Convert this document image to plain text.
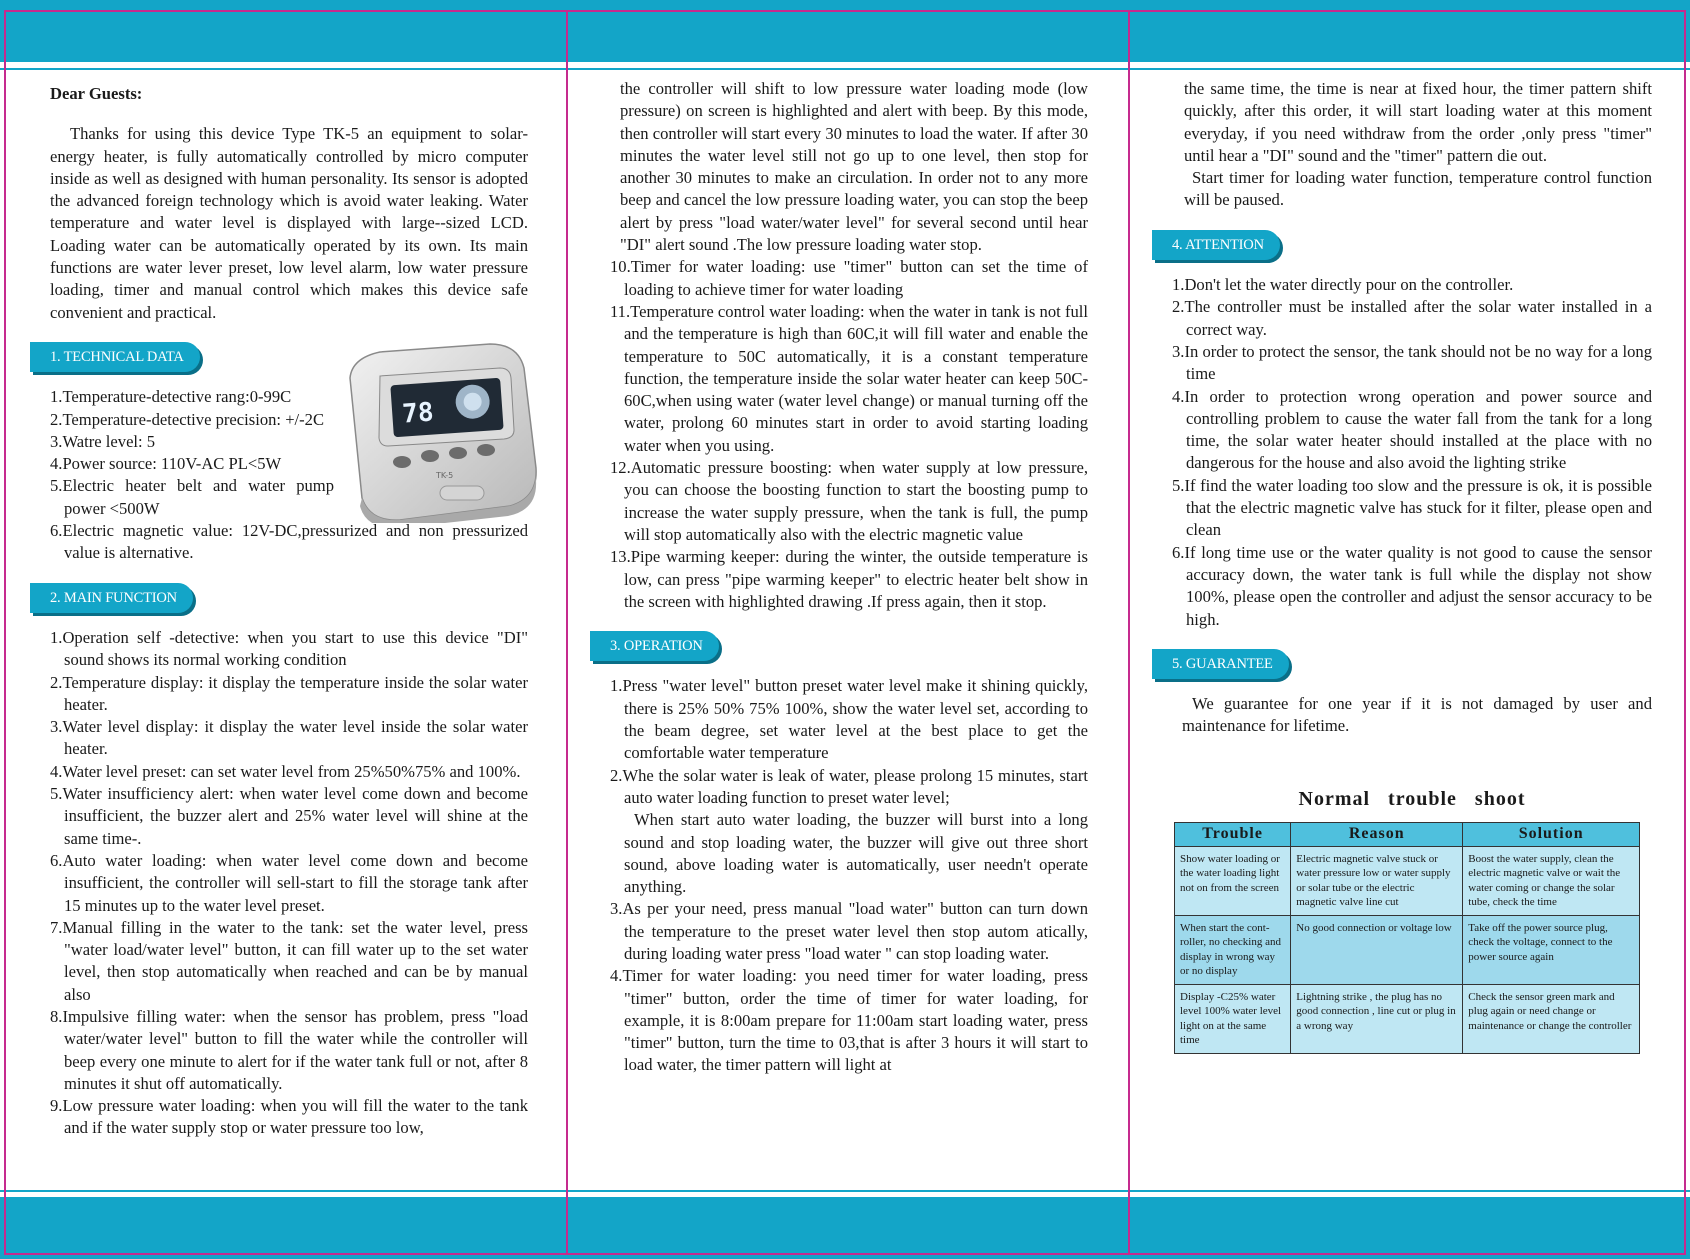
Dear Guests:

Thanks for using this device Type TK-5 an equipment to solar-energy heater, is fully automatically controlled by micro computer inside as well as designed with human personality. Its sensor is adopted the advanced foreign technology which is avoid water leaking. Water temperature and water level is displayed with large--sized LCD. Loading water can be automatically operated by its own. Its main functions are water lever preset, low level alarm, low water pressure loading, timer and manual control which makes this device safe convenient and practical.

1. TECHNICAL DATA
78
TK-5
1.Temperature-detective rang:0-99C
2.Temperature-detective precision: +/-2C
3.Watre level: 5
4.Power source: 110V-AC PL<5W
5.Electric heater belt and water pump power <500W
6.Electric magnetic value: 12V-DC,pressurized and non pressurized value is alternative.
2. MAIN FUNCTION
1.Operation self -detective: when you start to use this device "DI" sound shows its normal working condition
2.Temperature display: it display the temperature inside the solar water heater.
3.Water level display: it display the water level inside the solar water heater.
4.Water level preset: can set water level from 25%50%75% and 100%.
5.Water insufficiency alert: when water level come down and become insufficient, the buzzer alert and 25% water level will shine at the same time-.
6.Auto water loading: when water level come down and become insufficient, the controller will sell-start to fill the storage tank after 15 minutes up to the water level preset.
7.Manual filling in the water to the tank: set the water level, press "water load/water level" button, it can fill water up to the set water level, then stop automatically when reached and can be by manual also
8.Impulsive filling water: when the sensor has problem, press "load water/water level" button to fill the water while the controller will beep every one minute to alert for if the water tank full or not, after 8 minutes it shut off automatically.
9.Low pressure water loading: when you will fill the water to the tank and if the water supply stop or water pressure too low,

the controller will shift to low pressure water loading mode (low pressure) on screen is highlighted and alert with beep. By this mode, then controller will start every 30 minutes to load the water. If after 30 minutes the water level still not go up to one level, then stop for another 30 minutes to make an circulation. In order not to any more beep and cancel the low pressure loading water, you can stop the beep alert by press "load water/water level" for several second until hear "DI" alert sound .The low pressure loading water stop.

10.Timer for water loading: use "timer" button can set the time of loading to achieve timer for water loading
11.Temperature control water loading: when the water in tank is not full and the temperature is high than 60C,it will fill water and enable the temperature to 50C automatically, it is a constant temperature function, the temperature inside the solar water heater can keep 50C-60C,when using water (water level change) or manual turning off the water, prolong 60 minutes start in order to avoid starting loading water when you using.
12.Automatic pressure boosting: when water supply at low pressure, you can choose the boosting function to start the boosting pump to increase the water supply pressure, when the tank is full, the pump will stop automatically also with the electric magnetic value
13.Pipe warming keeper: during the winter, the outside temperature is low, can press "pipe warming keeper" to electric heater belt show in the screen with highlighted drawing .If press again, then it stop.
3. OPERATION
1.Press "water level" button preset water level make it shining quickly, there is 25% 50% 75% 100%, show the water level set, according to the beam degree, set water level at the best place to get the comfortable water temperature
2.Whe the solar water is leak of water, please prolong 15 minutes, start auto water loading function to preset water level;
When start auto water loading, the buzzer will burst into a long sound and stop loading water, the buzzer will give out three short sound, above loading water is automatically, user needn't operate anything.
3.As per your need, press manual "load water" button can turn down the temperature to the preset water level then stop autom atically, during loading water press "load water " can stop loading water.
4.Timer for water loading: you need timer for water loading, press "timer" button, order the time of timer for water loading, for example, it is 8:00am prepare for 11:00am start loading water, press "timer" button, turn the time to 03,that is after 3 hours it will start to load water, the timer pattern will light at

the same time, the time is near at fixed hour, the timer pattern shift quickly, after this order, it will start loading water at this moment everyday, if you need withdraw from the order ,only press "timer" until hear a "DI" sound and the "timer" pattern die out.

Start timer for loading water function, temperature control function will be paused.

4. ATTENTION
1.Don't let the water directly pour on the controller.
2.The controller must be installed after the solar water installed in a correct way.
3.In order to protect the sensor, the tank should not be no way for a long time
4.In order to protection wrong operation and power source and controlling problem to cause the water fall from the tank for a long time, the solar water heater should installed at the place with no dangerous for the house and also avoid the lighting strike
5.If find the water loading too slow and the pressure is ok, it is possible that the electric magnetic valve has stuck for it filter, please open and clean
6.If long time use or the water quality is not good to cause the sensor accuracy down, the water tank is full while the display not show 100%, please open the controller and adjust the sensor accuracy to be high.
5. GUARANTEE

We guarantee for one year if it is not damaged by user and maintenance for lifetime.

Normal trouble shoot
Trouble	Reason	Solution
Show water loading or the water loading light not on from the screen	Electric magnetic valve stuck or water pressure low or water supply or solar tube or the electric magnetic valve line cut	Boost the water supply, clean the electric magnetic valve or wait the water coming or change the solar tube, check the time
When start the cont-roller, no checking and display in wrong way or no display	No good connection or voltage low	Take off the power source plug, check the voltage, connect to the power source again
Display -C25% water level 100% water level light on at the same time	Lightning strike , the plug has no good connection , line cut or plug in a wrong way	Check the sensor green mark and plug again or need change or maintenance or change the controller
